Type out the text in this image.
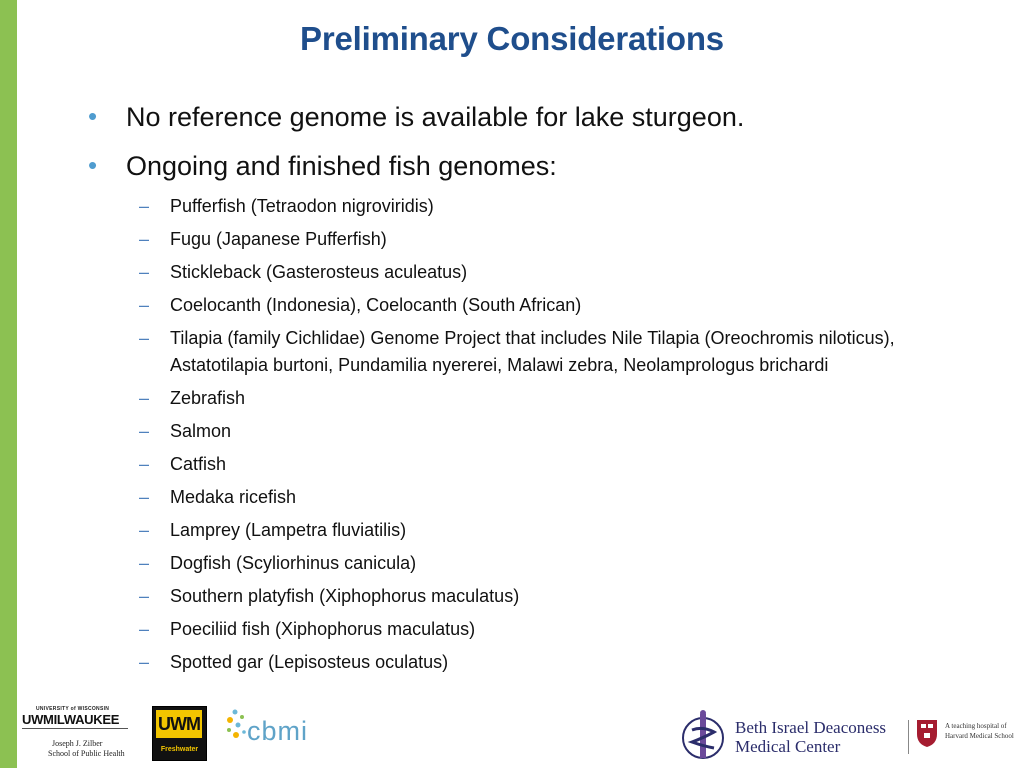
Preliminary Considerations
• No reference genome is available for lake sturgeon.
• Ongoing and finished fish genomes:
– Pufferfish (Tetraodon nigroviridis)
– Fugu (Japanese Pufferfish)
– Stickleback (Gasterosteus aculeatus)
– Coelocanth (Indonesia), Coelocanth (South African)
– Tilapia (family Cichlidae) Genome Project that includes Nile Tilapia (Oreochromis niloticus), Astatotilapia burtoni, Pundamilia nyererei, Malawi zebra, Neolamprologus brichardi
– Zebrafish
– Salmon
– Catfish
– Medaka ricefish
– Lamprey (Lampetra fluviatilis)
– Dogfish (Scyliorhinus canicula)
– Southern platyfish (Xiphophorus maculatus)
– Poeciliid fish (Xiphophorus maculatus)
– Spotted gar (Lepisosteus oculatus)
UNIVERSITY of WISCONSIN
UWMILWAUKEE
Joseph J. Zilber
School of Public Health
UWM
Freshwater
cbmi	Beth Israel Deaconess
Medical Center
A teaching hospital of
Harvard Medical School
